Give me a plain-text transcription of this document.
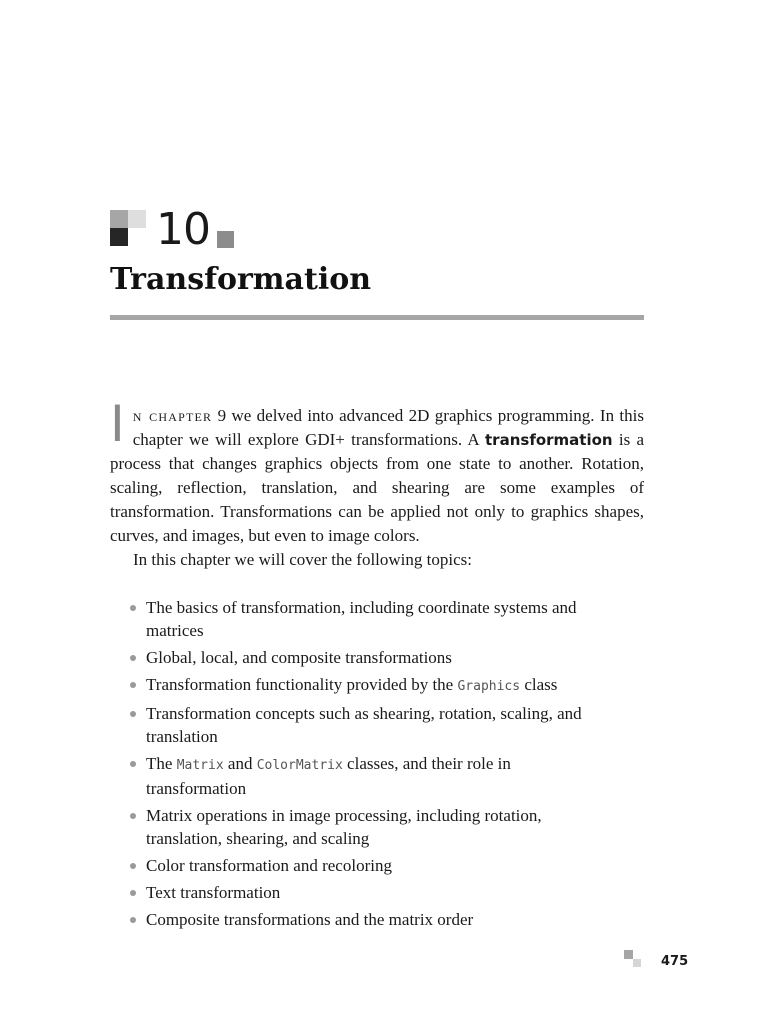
10
Transformation

In chapter 9 we delved into advanced 2D graphics programming. In this chapter we will explore GDI+ transformations. A transformation is a process that changes graphics objects from one state to another. Rotation, scaling, reflection, translation, and shearing are some examples of transformation. Transformations can be applied not only to graphics shapes, curves, and images, but even to image colors.

In this chapter we will cover the following topics:

The basics of transformation, including coordinate systems and matrices
Global, local, and composite transformations
Transformation functionality provided by the Graphics class
Transformation concepts such as shearing, rotation, scaling, and translation
The Matrix and ColorMatrix classes, and their role in transformation
Matrix operations in image processing, including rotation, translation, shearing, and scaling
Color transformation and recoloring
Text transformation
Composite transformations and the matrix order
475
